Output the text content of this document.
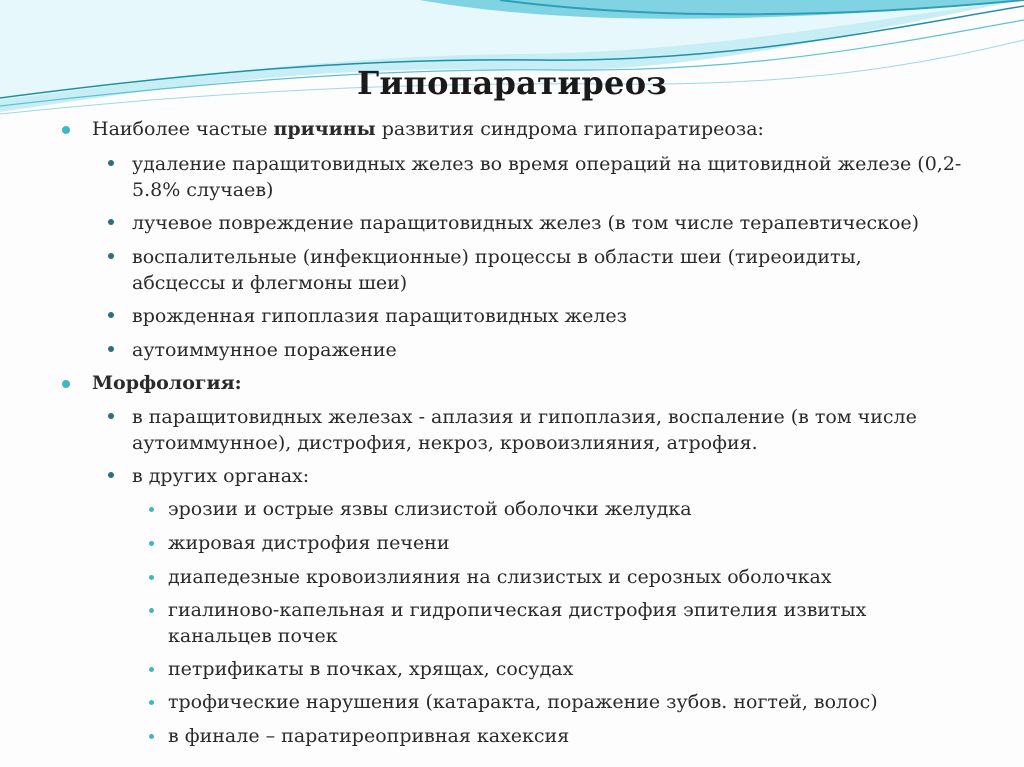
Гипопаратиреоз
Наиболее частые причины развития синдрома гипопаратиреоза:
удаление паращитовидных желез во время операций на щитовидной железе (0,2-
5.8% случаев)
лучевое повреждение паращитовидных желез (в том числе терапевтическое)
воспалительные (инфекционные) процессы в области шеи (тиреоидиты,
абсцессы и флегмоны шеи)
врожденная гипоплазия паращитовидных желез
аутоиммунное поражение
Морфология:
в паращитовидных железах - аплазия и гипоплазия, воспаление (в том числе
аутоиммунное), дистрофия, некроз, кровоизлияния, атрофия.
в других органах:
эрозии и острые язвы слизистой оболочки желудка
жировая дистрофия печени
диапедезные кровоизлияния на слизистых и серозных оболочках
гиалиново-капельная и гидропическая дистрофия эпителия извитых
канальцев почек
петрификаты в почках, хрящах, сосудах
трофические нарушения (катаракта, поражение зубов. ногтей, волос)
в финале – паратиреопривная кахексия
